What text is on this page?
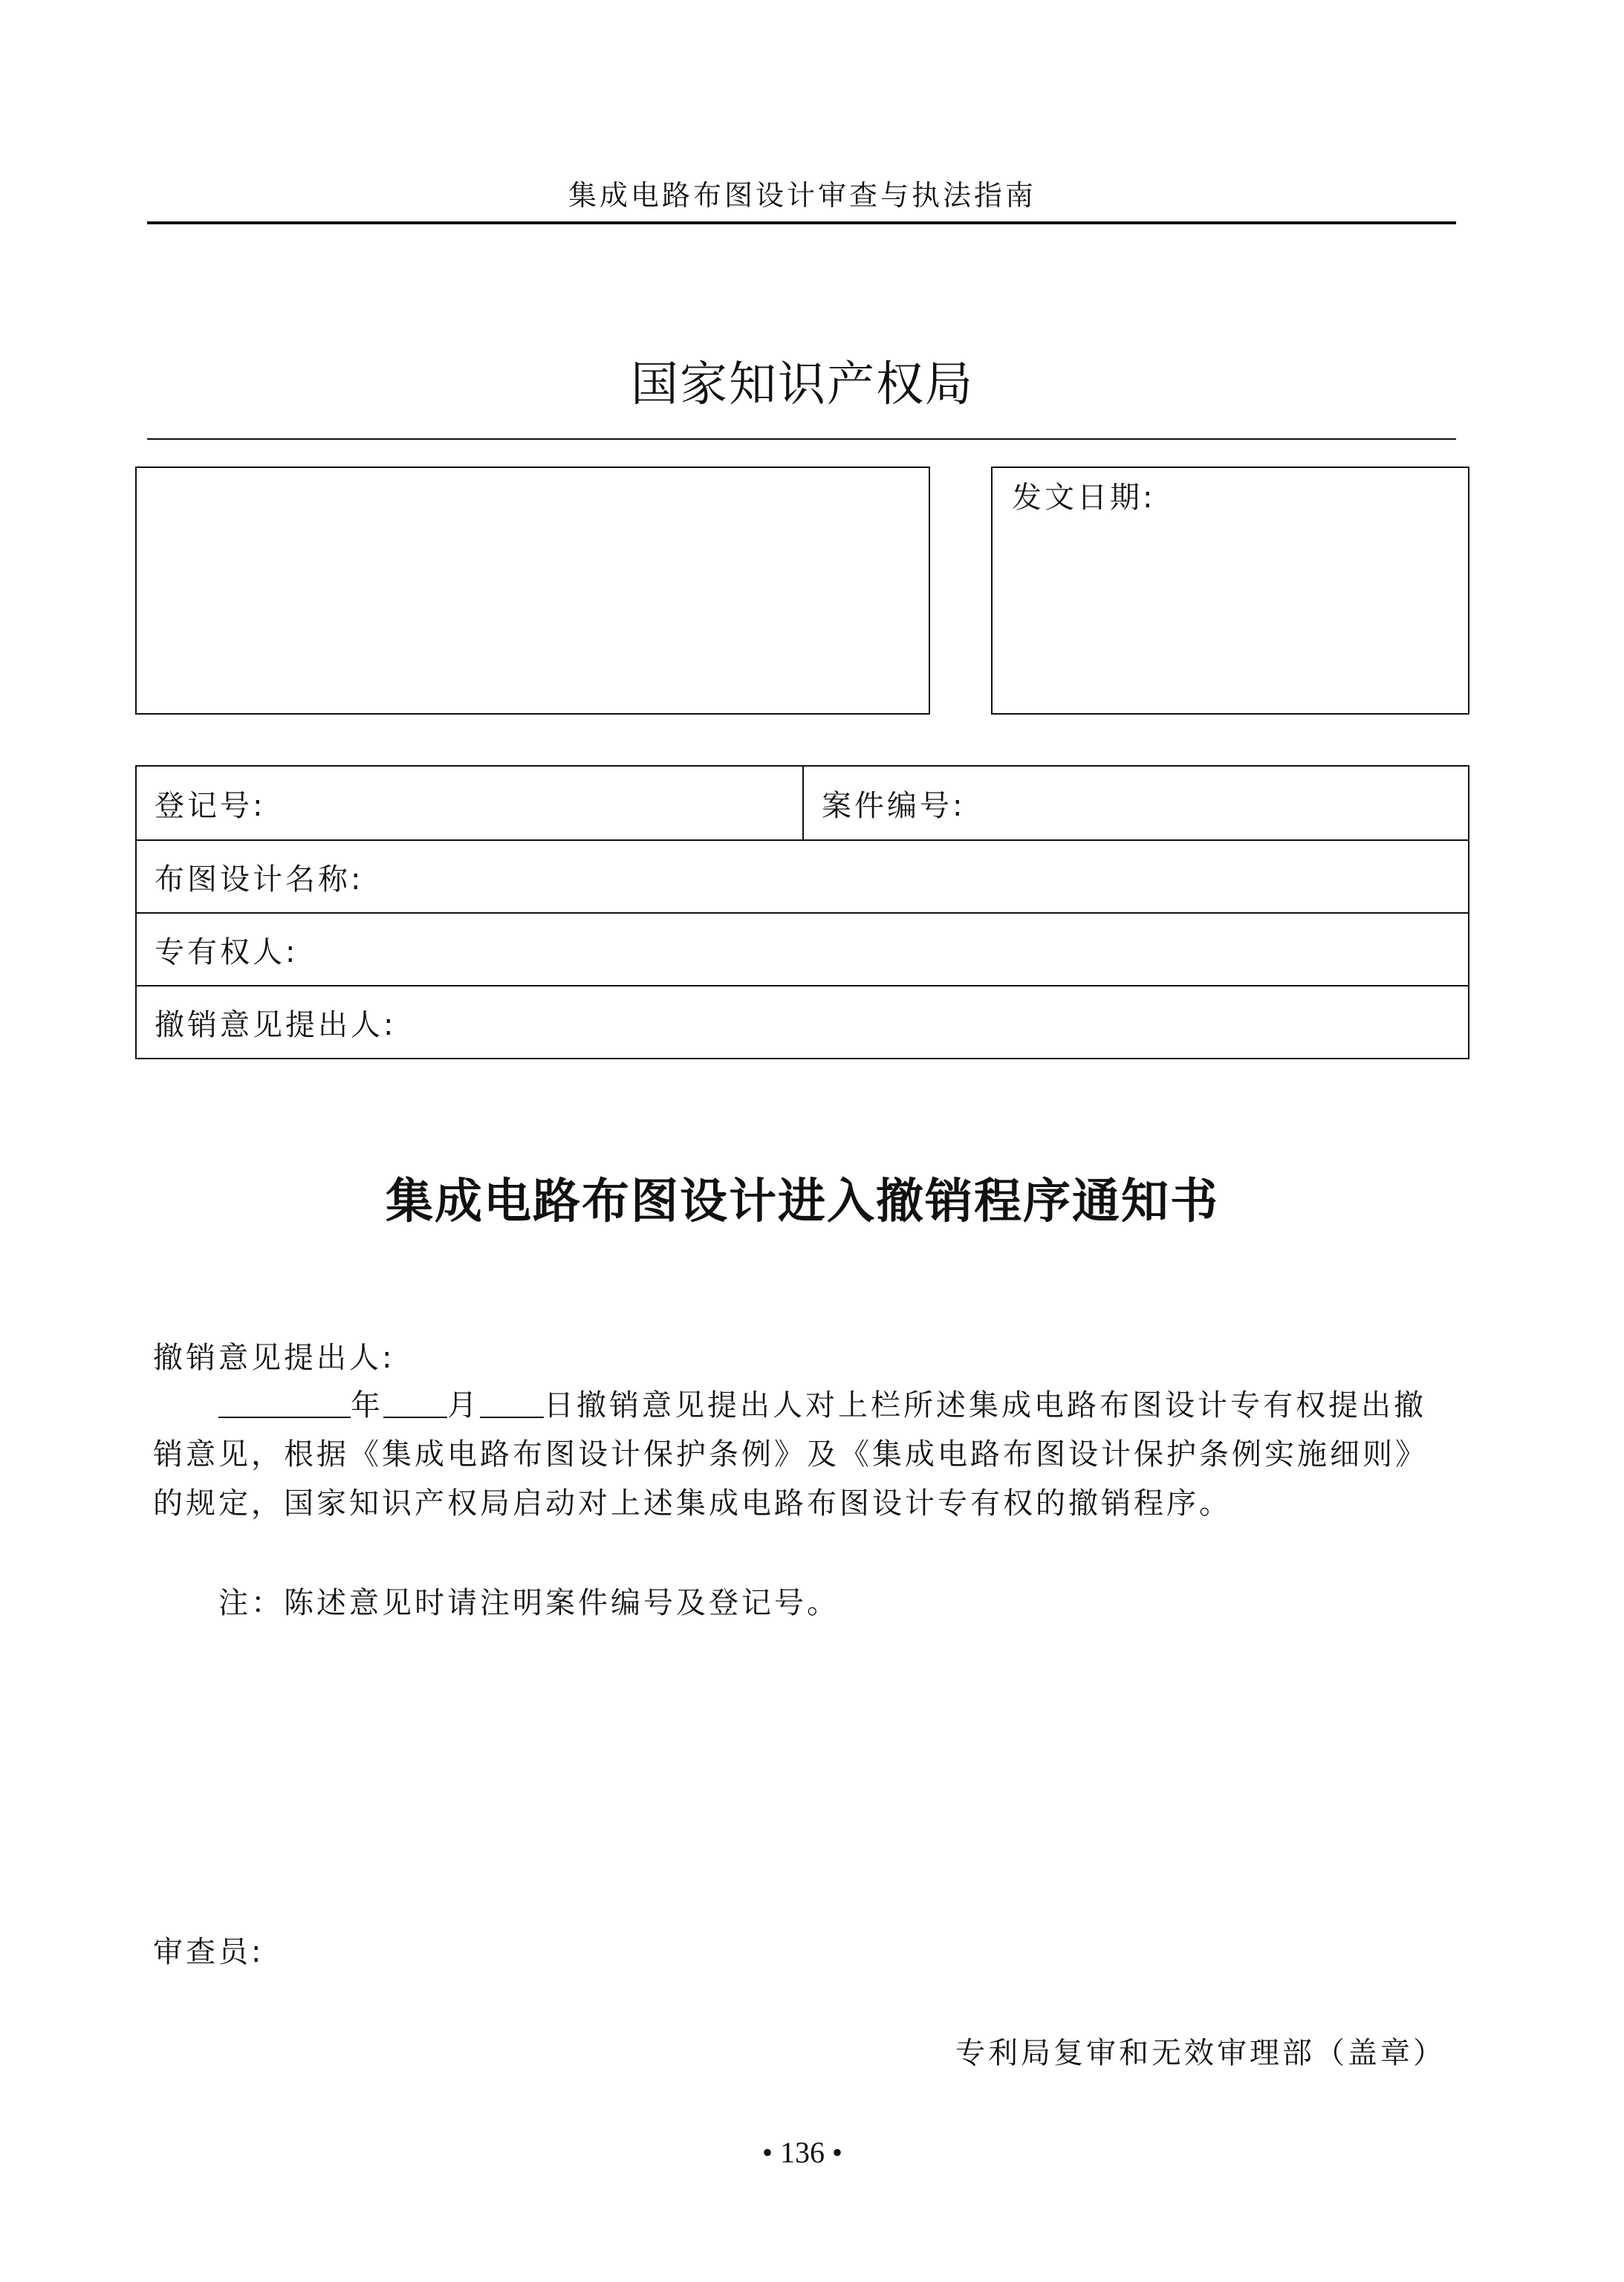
集成电路布图设计审查与执法指南
国家知识产权局
发文日期:
登记号:	案件编号:
布图设计名称:
专有权人:
撤销意见提出人:
集成电路布图设计进入撤销程序通知书
撤销意见提出人:
年 月 日撤销意见提出人对上栏所述集成电路布图设计专有权提出撤
销意见，根据《集成电路布图设计保护条例》及《集成电路布图设计保护条例实施细则》
的规定，国家知识产权局启动对上述集成电路布图设计专有权的撤销程序。
注：陈述意见时请注明案件编号及登记号。
审查员:
专利局复审和无效审理部（盖章）
• 136 •
